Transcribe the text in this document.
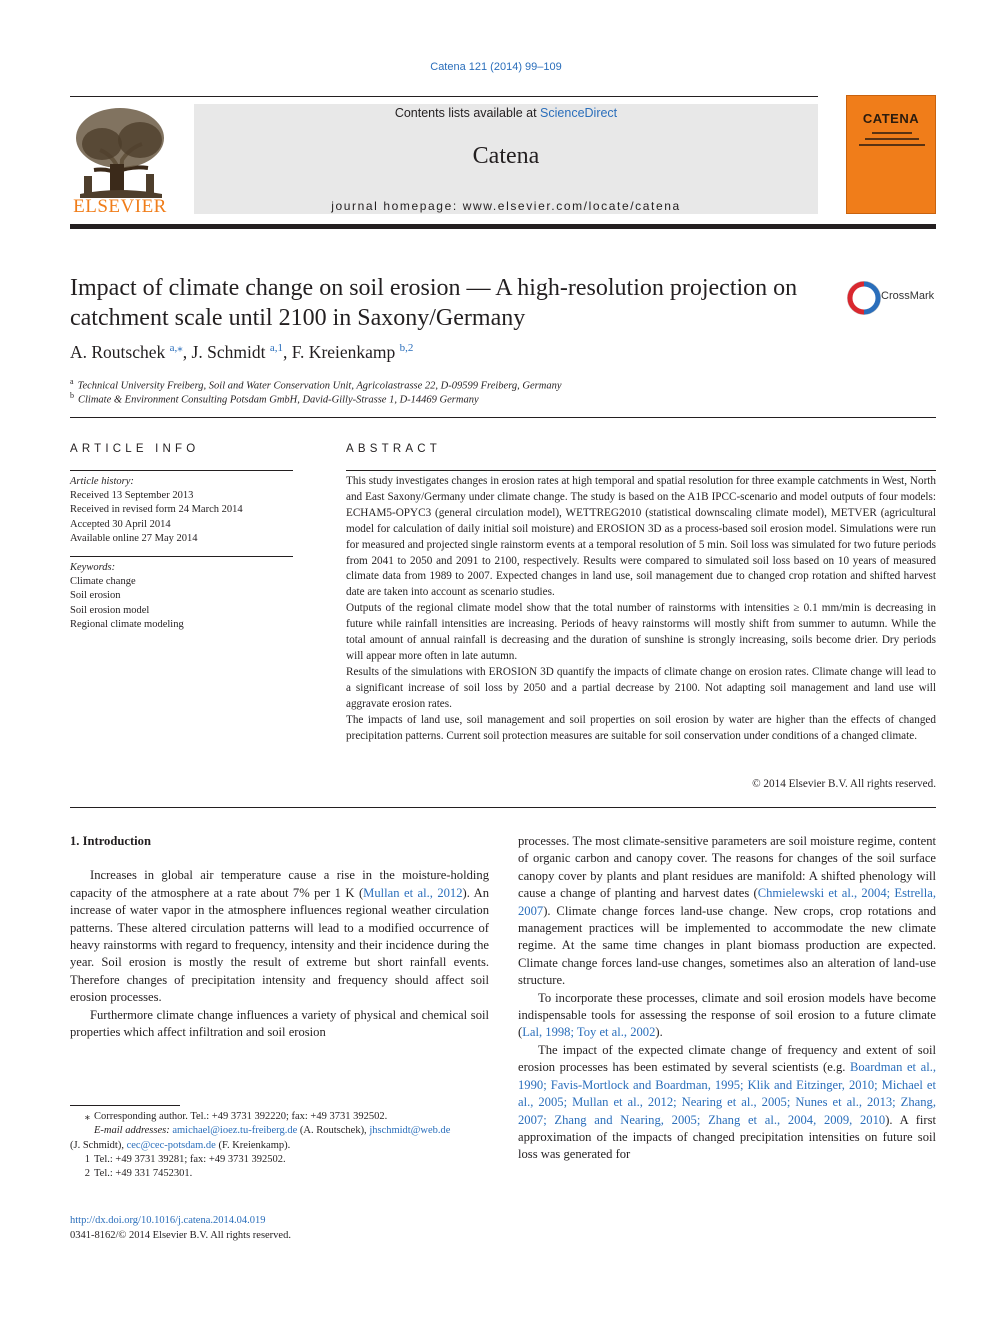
Catena 121 (2014) 99–109
ELSEVIER
Contents lists available at ScienceDirect
Catena
journal homepage: www.elsevier.com/locate/catena
CATENA
Impact of climate change on soil erosion — A high-resolution projection on catchment scale until 2100 in Saxony/Germany
CrossMark
A. Routschek $^{a,⁎}$, J. Schmidt $^{a,1}$, F. Kreienkamp $^{b,2}$
$^a$ Technical University Freiberg, Soil and Water Conservation Unit, Agricolastrasse 22, D-09599 Freiberg, Germany
$^b$ Climate & Environment Consulting Potsdam GmbH, David-Gilly-Strasse 1, D-14469 Germany
ARTICLE INFO	ABSTRACT
Article history:
Received 13 September 2013
Received in revised form 24 March 2014
Accepted 30 April 2014
Available online 27 May 2014
Keywords:
Climate change
Soil erosion
Soil erosion model
Regional climate modeling

This study investigates changes in erosion rates at high temporal and spatial resolution for three example catchments in West, North and East Saxony/Germany under climate change. The study is based on the A1B IPCC-scenario and model outputs of four models: ECHAM5-OPYC3 (general circulation model), WETTREG2010 (statistical downscaling climate model), METVER (agricultural model for calculation of daily initial soil moisture) and EROSION 3D as a process-based soil erosion model. Simulations were run for measured and projected single rainstorm events at a temporal resolution of 5 min. Soil loss was simulated for two future periods from 2041 to 2050 and 2091 to 2100, respectively. Results were compared to simulated soil loss based on 10 years of measured climate data from 1989 to 2007. Expected changes in land use, soil management due to changed crop rotation and shifted harvest date are taken into account as scenario studies.

Outputs of the regional climate model show that the total number of rainstorms with intensities ≥ 0.1 mm/min is decreasing in future while rainfall intensities are increasing. Periods of heavy rainstorms will mostly shift from summer to autumn. While the total amount of annual rainfall is decreasing and the duration of sunshine is strongly increasing, soils become drier. Dry periods will appear more often in late autumn.

Results of the simulations with EROSION 3D quantify the impacts of climate change on erosion rates. Climate change will lead to a significant increase of soil loss by 2050 and a partial decrease by 2100. Not adapting soil management and land use will aggravate erosion rates.

The impacts of land use, soil management and soil properties on soil erosion by water are higher than the effects of changed precipitation patterns. Current soil protection measures are suitable for soil conservation under conditions of a changed climate.

© 2014 Elsevier B.V. All rights reserved.
1. Introduction

Increases in global air temperature cause a rise in the moisture-holding capacity of the atmosphere at a rate about 7% per 1 K (Mullan et al., 2012). An increase of water vapor in the atmosphere influences regional weather circulation patterns. These altered circulation patterns will lead to a modified occurrence of heavy rainstorms with regard to frequency, intensity and their incidence during the year. Soil erosion is mostly the result of extreme but short rainfall events. Therefore changes of precipitation intensity and frequency should affect soil erosion processes.

Furthermore climate change influences a variety of physical and chemical soil properties which affect infiltration and soil erosion

processes. The most climate-sensitive parameters are soil moisture regime, content of organic carbon and canopy cover. The reasons for changes of the soil surface canopy cover by plants and plant residues are manifold: A shifted phenology will cause a change of planting and harvest dates (Chmielewski et al., 2004; Estrella, 2007). Climate change forces land-use change. New crops, crop rotations and management practices will be implemented to accommodate the new climate regime. At the same time changes in plant biomass production are expected. Climate change forces land-use changes, sometimes also an alteration of land-use structure.

To incorporate these processes, climate and soil erosion models have become indispensable tools for assessing the response of soil erosion to a future climate (Lal, 1998; Toy et al., 2002).

The impact of the expected climate change of frequency and extent of soil erosion processes has been estimated by several scientists (e.g. Boardman et al., 1990; Favis-Mortlock and Boardman, 1995; Klik and Eitzinger, 2010; Michael et al., 2005; Mullan et al., 2012; Nearing et al., 2005; Nunes et al., 2013; Zhang, 2007; Zhang and Nearing, 2005; Zhang et al., 2004, 2009, 2010). A first approximation of the impacts of changed precipitation intensities on future soil loss was generated for

⁎ Corresponding author. Tel.: +49 3731 392220; fax: +49 3731 392502.
E-mail addresses: amichael@ioez.tu-freiberg.de (A. Routschek), jhschmidt@web.de
(J. Schmidt), cec@cec-potsdam.de (F. Kreienkamp).
1 Tel.: +49 3731 39281; fax: +49 3731 392502.
2 Tel.: +49 331 7452301.
http://dx.doi.org/10.1016/j.catena.2014.04.019
0341-8162/© 2014 Elsevier B.V. All rights reserved.
